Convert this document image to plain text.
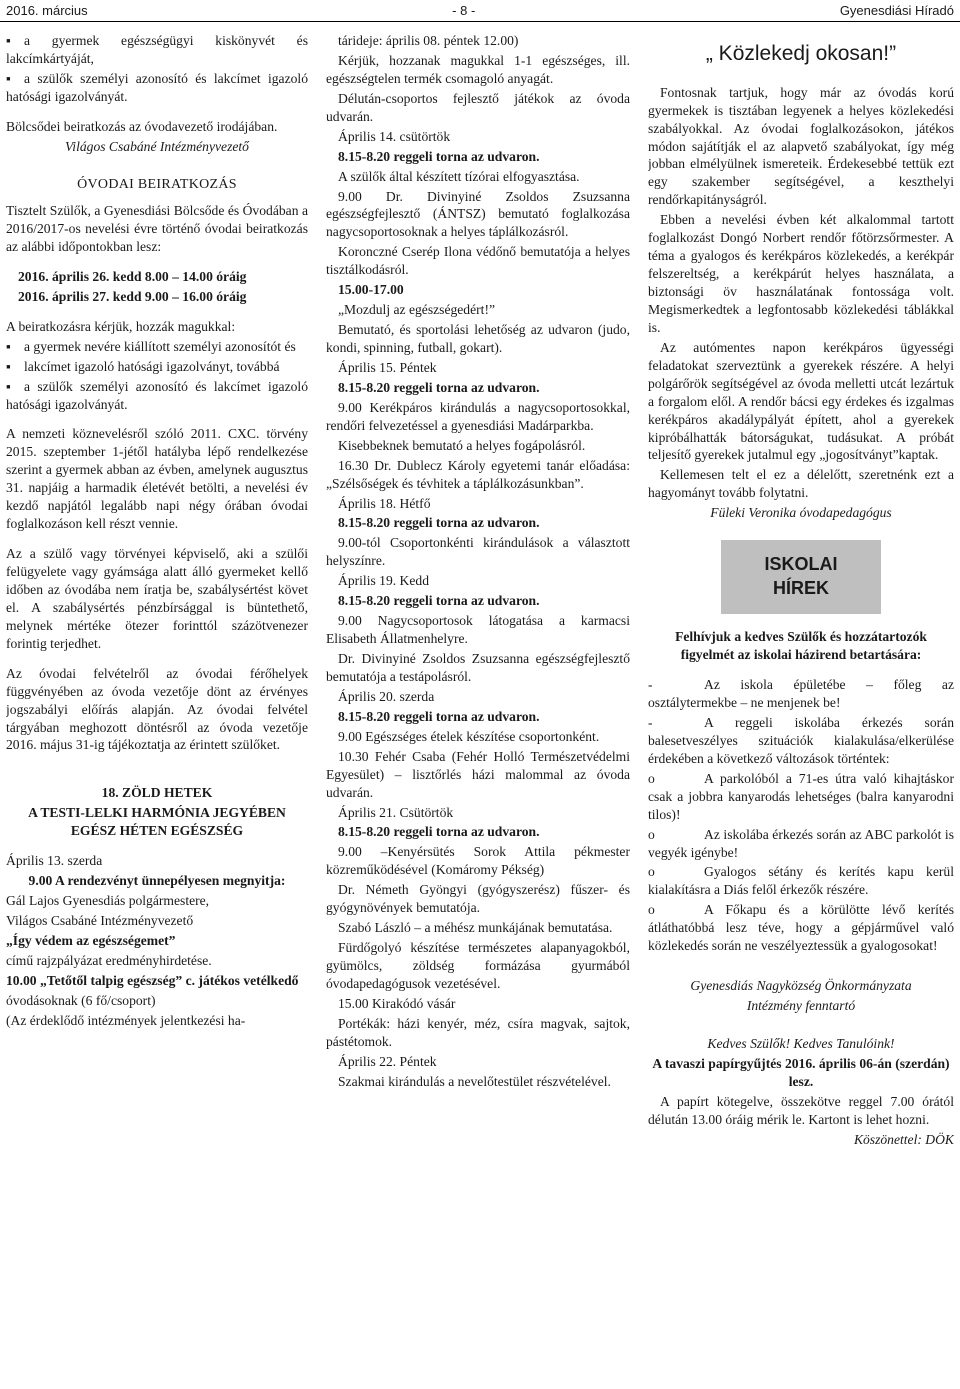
2016. március	- 8 -	Gyenesdiási Híradó

▪ a gyermek egészségügyi kiskönyvét és lakcímkártyáját,

▪ a szülők személyi azonosító és lakcímet igazoló hatósági igazolványát.

Bölcsődei beiratkozás az óvodavezető irodájában.

Világos Csabáné Intézményvezető

ÓVODAI BEIRATKOZÁS

Tisztelt Szülők, a Gyenesdiási Bölcsőde és Óvodában a 2016/2017-os nevelési évre történő óvodai beiratkozás az alábbi időpontokban lesz:

2016. április 26. kedd 8.00 – 14.00 óráig

2016. április 27. kedd 9.00 – 16.00 óráig

A beiratkozásra kérjük, hozzák magukkal:

▪ a gyermek nevére kiállított személyi azonosítót és

▪ lakcímet igazoló hatósági igazolványt, továbbá

▪ a szülők személyi azonosító és lakcímet igazoló hatósági igazolványát.

A nemzeti köznevelésről szóló 2011. CXC. törvény 2015. szeptember 1-jétől hatályba lépő rendelkezése szerint a gyermek abban az évben, amelynek augusztus 31. napjáig a harmadik életévét betölti, a nevelési év kezdő napjától legalább napi négy órában óvodai foglalkozáson kell részt vennie.

Az a szülő vagy törvényei képviselő, aki a szülői felügyelete vagy gyámsága alatt álló gyermeket kellő időben az óvodába nem íratja be, szabálysértést követ el. A szabálysértés pénzbírsággal is büntethető, melynek mértéke ötezer forinttól százötvenezer forintig terjedhet.

Az óvodai felvételről az óvodai férőhelyek függvényében az óvoda vezetője dönt az érvényes jogszabályi előírás alapján. Az óvodai felvétel tárgyában meghozott döntésről az óvoda vezetője 2016. május 31-ig tájékoztatja az érintett szülőket.

18. ZÖLD HETEK

A TESTI-LELKI HARMÓNIA JEGYÉBEN EGÉSZ HÉTEN EGÉSZSÉG

Április 13. szerda

9.00 A rendezvényt ünnepélyesen megnyitja:

Gál Lajos Gyenesdiás polgármestere,

Világos Csabáné Intézményvezető

„Így védem az egészségemet”

című rajzpályázat eredményhirdetése.

10.00 „Tetőtől talpig egészség” c. játékos vetélkedő

óvodásoknak (6 fő/csoport)

(Az érdeklődő intézmények jelentkezési ha-

tárideje: április 08. péntek 12.00)

Kérjük, hozzanak magukkal 1-1 egészséges, ill. egészségtelen termék csomagoló anyagát.

Délután-csoportos fejlesztő játékok az óvoda udvarán.

Április 14. csütörtök

8.15-8.20 reggeli torna az udvaron.

A szülők által készített tízórai elfogyasztása.

9.00 Dr. Divinyiné Zsoldos Zsuzsanna egészségfejlesztő (ÁNTSZ) bemutató foglalkozása nagycsoportosoknak a helyes táplálkozásról.

Koronczné Cserép Ilona védőnő bemutatója a helyes tisztálkodásról.

15.00-17.00

„Mozdulj az egészségedért!”

Bemutató, és sportolási lehetőség az udvaron (judo, kondi, spinning, futball, gokart).

Április 15. Péntek

8.15-8.20 reggeli torna az udvaron.

9.00 Kerékpáros kirándulás a nagycsoportosokkal, rendőri felvezetéssel a gyenesdiási Madárparkba.

Kisebbeknek bemutató a helyes fogápolásról.

16.30 Dr. Dublecz Károly egyetemi tanár előadása: „Szélsőségek és tévhitek a táplálkozásunkban”.

Április 18. Hétfő

8.15-8.20 reggeli torna az udvaron.

9.00-tól Csoportonkénti kirándulások a választott helyszínre.

Április 19. Kedd

8.15-8.20 reggeli torna az udvaron.

9.00 Nagycsoportosok látogatása a karmacsi Elisabeth Állatmenhelyre.

Dr. Divinyiné Zsoldos Zsuzsanna egészségfejlesztő bemutatója a testápolásról.

Április 20. szerda

8.15-8.20 reggeli torna az udvaron.

9.00 Egészséges ételek készítése csoportonként.

10.30 Fehér Csaba (Fehér Holló Természetvédelmi Egyesület) – lisztőrlés házi malommal az óvoda udvarán.

Április 21. Csütörtök

8.15-8.20 reggeli torna az udvaron.

9.00 –Kenyérsütés Sorok Attila pékmester közreműködésével (Komáromy Pékség)

Dr. Németh Gyöngyi (gyógyszerész) fűszer- és gyógynövények bemutatója.

Szabó László – a méhész munkájának bemutatása.

Fürdőgolyó készítése természetes alapanyagokból, gyümölcs, zöldség formázása gyurmából óvodapedagógusok vezetésével.

15.00 Kirakódó vásár

Portékák: házi kenyér, méz, csíra magvak, sajtok, pástétomok.

Április 22. Péntek

Szakmai kirándulás a nevelőtestület részvételével.

„ Közlekedj okosan!”

Fontosnak tartjuk, hogy már az óvodás korú gyermekek is tisztában legyenek a helyes közlekedési szabályokkal. Az óvodai foglalkozásokon, játékos módon sajátítják el az alapvető szabályokat, így még jobban elmélyülnek ismereteik. Érdekesebbé tettük ezt egy szakember segítségével, a keszthelyi rendőrkapitányságról.

Ebben a nevelési évben két alkalommal tartott foglalkozást Dongó Norbert rendőr főtörzsőrmester. A téma a gyalogos és kerékpáros közlekedés, a kerékpár felszereltség, a kerékpárút helyes használata, a biztonsági öv használatának fontossága volt. Megismerkedtek a legfontosabb közlekedési táblákkal is.

Az autómentes napon kerékpáros ügyességi feladatokat szerveztünk a gyerekek részére. A helyi polgárőrök segítségével az óvoda melletti utcát lezártuk a forgalom elől. A rendőr bácsi egy érdekes és izgalmas kerékpáros akadálypályát épített, ahol a gyerekek kipróbálhatták bátorságukat, tudásukat. A próbát teljesítő gyerekek jutalmul egy „jogosítványt”kaptak.

Kellemesen telt el ez a délelőtt, szeretnénk ezt a hagyományt tovább folytatni.

Füleki Veronika óvodapedagógus

ISKOLAI
HÍREK

Felhívjuk a kedves Szülők és hozzátartozók figyelmét az iskolai házirend betartására:

-	Az iskola épületébe – főleg az osztálytermekbe – ne menjenek be!

-	A reggeli iskolába érkezés során balesetveszélyes szituációk kialakulása/elkerülése érdekében a következő változások történtek:

o	A parkolóból a 71-es útra való kihajtáskor csak a jobbra kanyarodás lehetséges (balra kanyarodni tilos)!

o	Az iskolába érkezés során az ABC parkolót is vegyék igénybe!

o	Gyalogos sétány és kerítés kapu kerül kialakításra a Diás felől érkezők részére.

o	A Főkapu és a körülötte lévő kerítés átláthatóbbá lesz téve, hogy a gépjárművel való közlekedés során ne veszélyeztessük a gyalogosokat!

Gyenesdiás Nagyközség Önkormányzata

Intézmény fenntartó

Kedves Szülők! Kedves Tanulóink!

A tavaszi papírgyűjtés 2016. április 06-án (szerdán) lesz.

A papírt kötegelve, összekötve reggel 7.00 órától délután 13.00 óráig mérik le. Kartont is lehet hozni.

Köszönettel: DÖK
